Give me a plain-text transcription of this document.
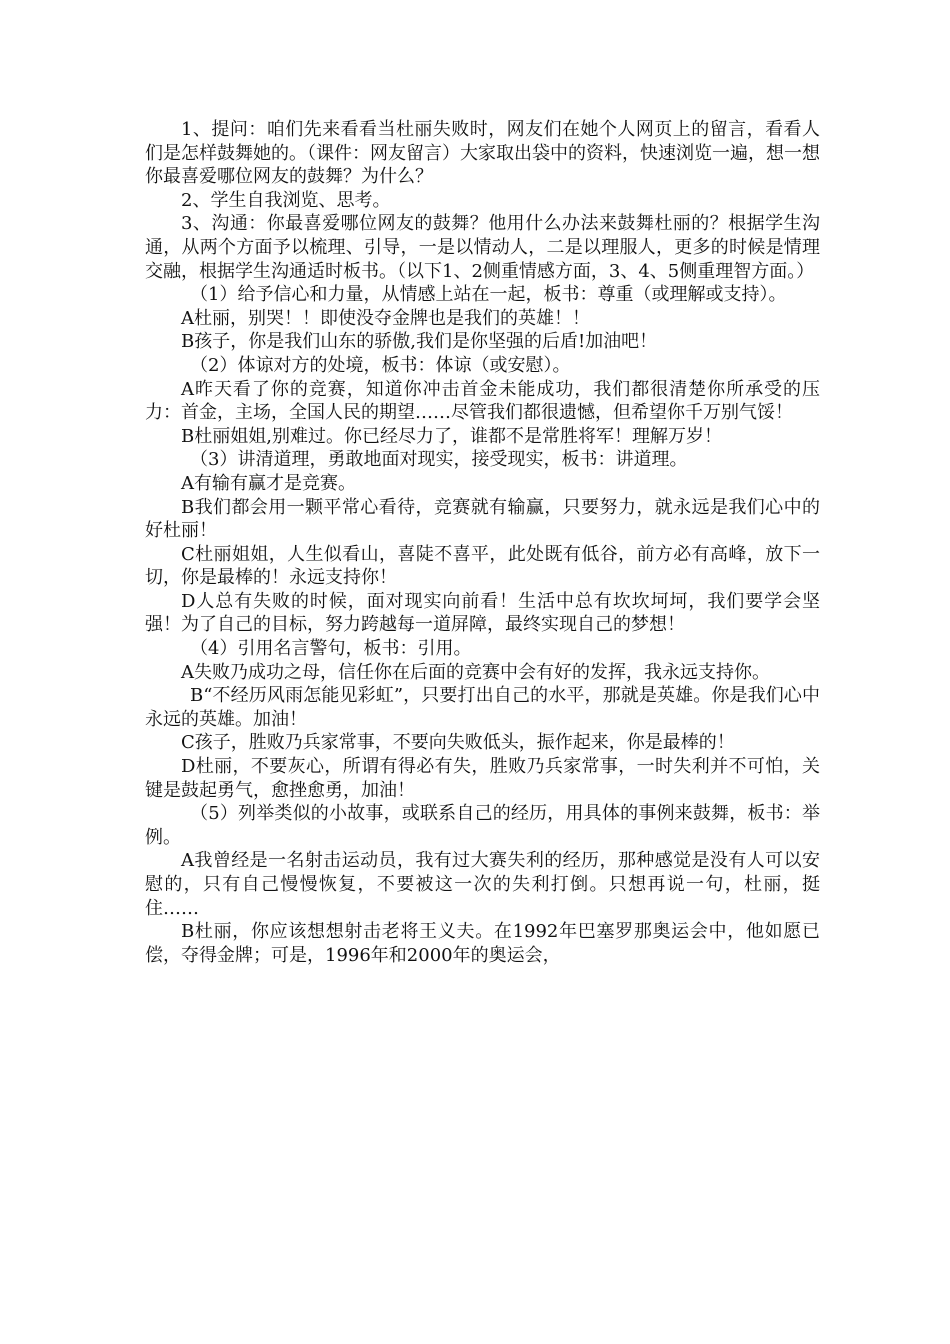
1、提问：咱们先来看看当杜丽失败时，网友们在她个人网页上的留言，看看人们是怎样鼓舞她的。（课件：网友留言）大家取出袋中的资料，快速浏览一遍，想一想你最喜爱哪位网友的鼓舞？为什么？

2、学生自我浏览、思考。

3、沟通：你最喜爱哪位网友的鼓舞？他用什么办法来鼓舞杜丽的？根据学生沟通，从两个方面予以梳理、引导，一是以情动人，二是以理服人，更多的时候是情理交融，根据学生沟通适时板书。（以下1、2侧重情感方面，3、4、5侧重理智方面。）

（1）给予信心和力量，从情感上站在一起，板书：尊重（或理解或支持）。

A杜丽，别哭！！即使没夺金牌也是我们的英雄！！

B孩子，你是我们山东的骄傲,我们是你坚强的后盾!加油吧！

（2）体谅对方的处境，板书：体谅（或安慰）。

A昨天看了你的竞赛，知道你冲击首金未能成功，我们都很清楚你所承受的压力：首金，主场，全国人民的期望……尽管我们都很遗憾，但希望你千万别气馁！

B杜丽姐姐,别难过。你已经尽力了，谁都不是常胜将军！理解万岁！

（3）讲清道理，勇敢地面对现实，接受现实，板书：讲道理。

A有输有赢才是竞赛。

B我们都会用一颗平常心看待，竞赛就有输赢，只要努力，就永远是我们心中的好杜丽！

C杜丽姐姐，人生似看山，喜陡不喜平，此处既有低谷，前方必有高峰，放下一切，你是最棒的！永远支持你！

D人总有失败的时候，面对现实向前看！生活中总有坎坎坷坷，我们要学会坚强！为了自己的目标，努力跨越每一道屏障，最终实现自己的梦想！

（4）引用名言警句，板书：引用。

A失败乃成功之母，信任你在后面的竞赛中会有好的发挥，我永远支持你。

B“不经历风雨怎能见彩虹”，只要打出自己的水平，那就是英雄。你是我们心中永远的英雄。加油！

C孩子，胜败乃兵家常事，不要向失败低头，振作起来，你是最棒的！

D杜丽，不要灰心，所谓有得必有失，胜败乃兵家常事，一时失利并不可怕，关键是鼓起勇气，愈挫愈勇，加油！

（5）列举类似的小故事，或联系自己的经历，用具体的事例来鼓舞，板书：举例。

A我曾经是一名射击运动员，我有过大赛失利的经历，那种感觉是没有人可以安慰的，只有自己慢慢恢复，不要被这一次的失利打倒。只想再说一句，杜丽，挺住……

B杜丽，你应该想想射击老将王义夫。在1992年巴塞罗那奥运会中，他如愿已偿，夺得金牌；可是，1996年和2000年的奥运会，
